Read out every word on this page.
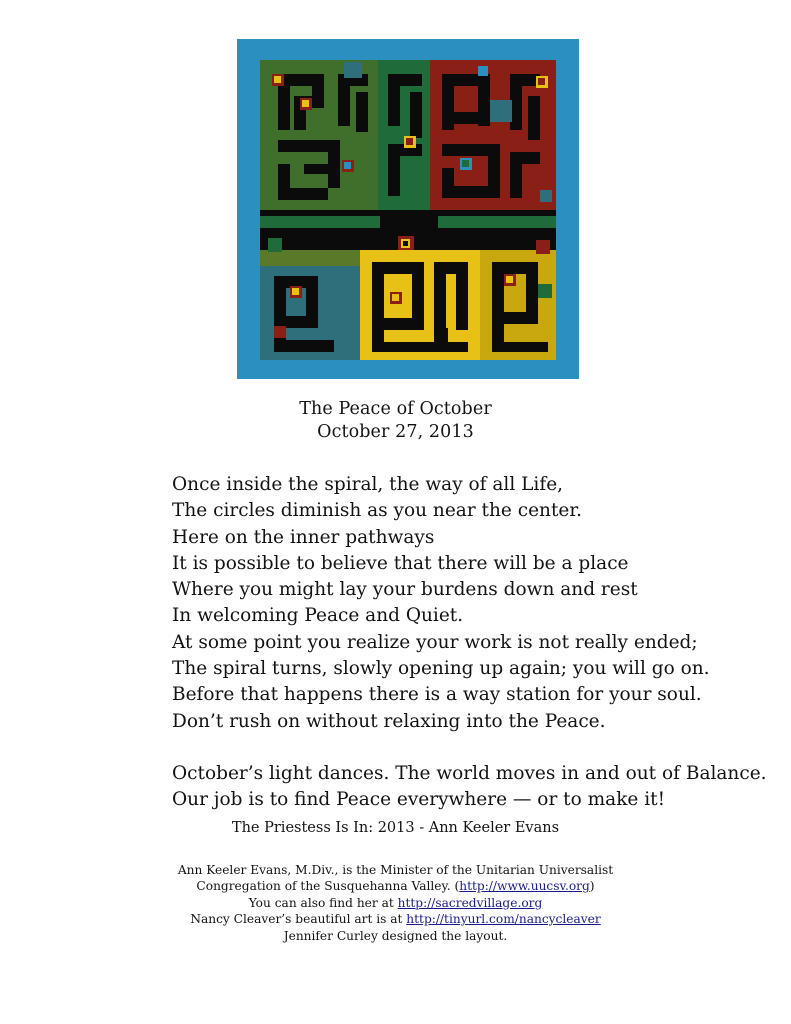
The Peace of October
October 27, 2013
Once inside the spiral, the way of all Life,
The circles diminish as you near the center.
Here on the inner pathways
It is possible to believe that there will be a place
Where you might lay your burdens down and rest
In welcoming Peace and Quiet.
At some point you realize your work is not really ended;
The spiral turns, slowly opening up again; you will go on.
Before that happens there is a way station for your soul.
Don’t rush on without relaxing into the Peace.
October’s light dances. The world moves in and out of Balance.
Our job is to find Peace everywhere — or to make it!
The Priestess Is In: 2013 - Ann Keeler Evans
Ann Keeler Evans, M.Div., is the Minister of the Unitarian Universalist
Congregation of the Susquehanna Valley. (http://www.uucsv.org)
You can also find her at http://sacredvillage.org
Nancy Cleaver’s beautiful art is at http://tinyurl.com/nancycleaver
Jennifer Curley designed the layout.
